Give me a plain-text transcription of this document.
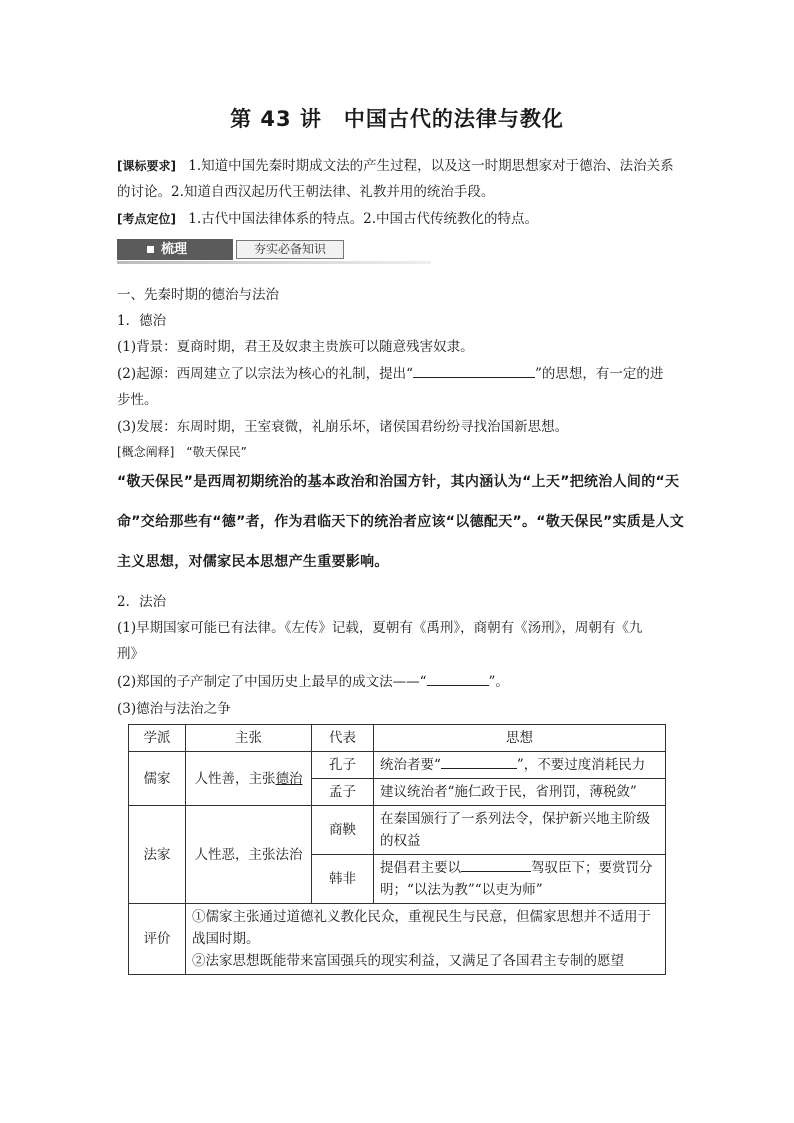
第 43 讲　中国古代的法律与教化
[课标要求] 1.知道中国先秦时期成文法的产生过程，以及这一时期思想家对于德治、法治关系的讨论。2.知道自西汉起历代王朝法律、礼教并用的统治手段。
[考点定位] 1.古代中国法律体系的特点。2.中国古代传统教化的特点。
梳理	夯实必备知识
一、先秦时期的德治与法治
1．德治
(1)背景：夏商时期，君王及奴隶主贵族可以随意残害奴隶。
(2)起源：西周建立了以宗法为核心的礼制，提出“	”的思想，有一定的进
步性。
(3)发展：东周时期，王室衰微，礼崩乐坏，诸侯国君纷纷寻找治国新思想。
[概念阐释]　“敬天保民”
“敬天保民”是西周初期统治的基本政治和治国方针，其内涵认为“上天”把统治人间的“天命”交给那些有“德”者，作为君临天下的统治者应该“以德配天”。“敬天保民”实质是人文主义思想，对儒家民本思想产生重要影响。
2．法治
(1)早期国家可能已有法律。《左传》记载，夏朝有《禹刑》，商朝有《汤刑》，周朝有《九
刑》
(2)郑国的子产制定了中国历史上最早的成文法——“	”。
(3)德治与法治之争
学派	主张	代表	思想
儒家	人性善，主张德治	孔子	统治者要“ ”，不要过度消耗民力
		孟子	建议统治者“施仁政于民，省刑罚，薄税敛”
法家	人性恶，主张法治	商鞅	在秦国颁行了一系列法令，保护新兴地主阶级的权益
		韩非	提倡君主要以 驾驭臣下；要赏罚分明；“以法为教”“以吏为师”
评价	①儒家主张通过道德礼义教化民众，重视民生与民意，但儒家思想并不适用于战国时期。
②法家思想既能带来富国强兵的现实利益，又满足了各国君主专制的愿望		
